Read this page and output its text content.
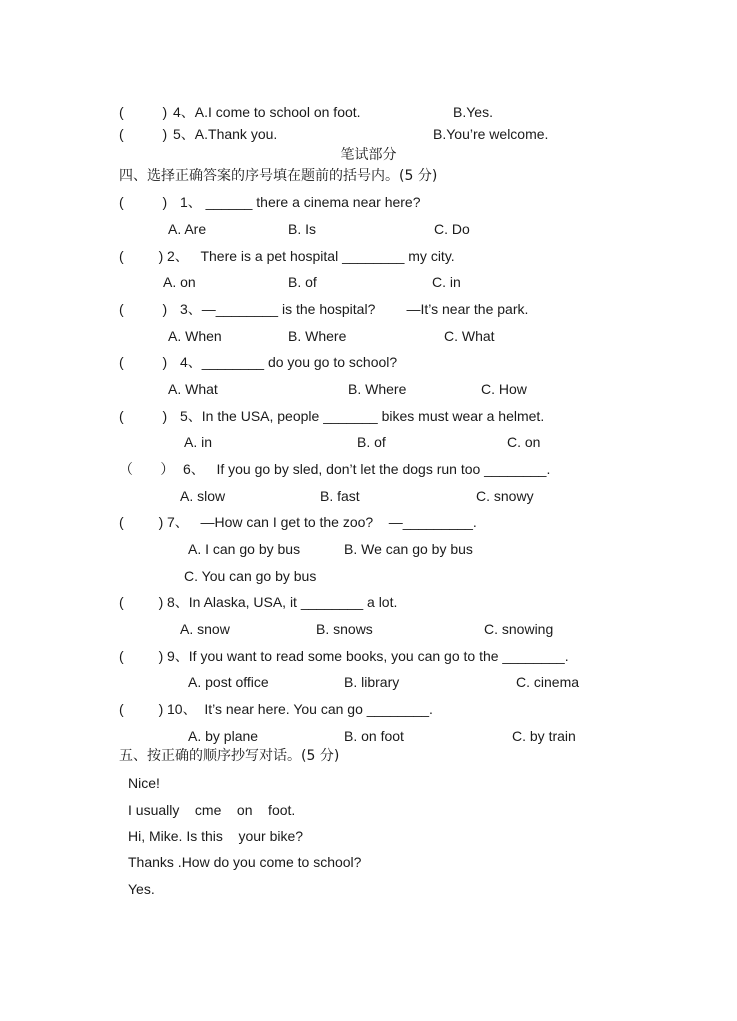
(          ) 4、A.I come to school on foot.	B.Yes.
(          ) 5、A.Thank you.	B.You’re welcome.
笔试部分
四、选择正确答案的序号填在题前的括号内。(5 分)
(          ) 1、 ______ there a cinema near here?
A. Are	B. Is	C. Do
(         ) 2、   There is a pet hospital ________ my city.
A. on	B. of	C. in
(          ) 3、—________ is the hospital?        —It’s near the park.
A. When	B. Where	C. What
(          ) 4、________ do you go to school?
A. What	B. Where	C. How
(          ) 5、In the USA, people _______ bikes must wear a helmet.
A. in	B. of	C. on
（       ） 6、   If you go by sled, don’t let the dogs run too ________.
A. slow	B. fast	C. snowy
(         ) 7、   —How can I get to the zoo?    —_________.
A. I can go by bus	B. We can go by bus
C. You can go by bus
(         ) 8、In Alaska, USA, it ________ a lot.
A. snow	B. snows	C. snowing
(         ) 9、If you want to read some books, you can go to the ________.
A. post office	B. library	C. cinema
(         ) 10、  It’s near here. You can go ________.
A. by plane	B. on foot	C. by train
五、按正确的顺序抄写对话。(5 分)
Nice!
I usually    cme    on    foot.
Hi, Mike. Is this    your bike?
Thanks .How do you come to school?
Yes.
